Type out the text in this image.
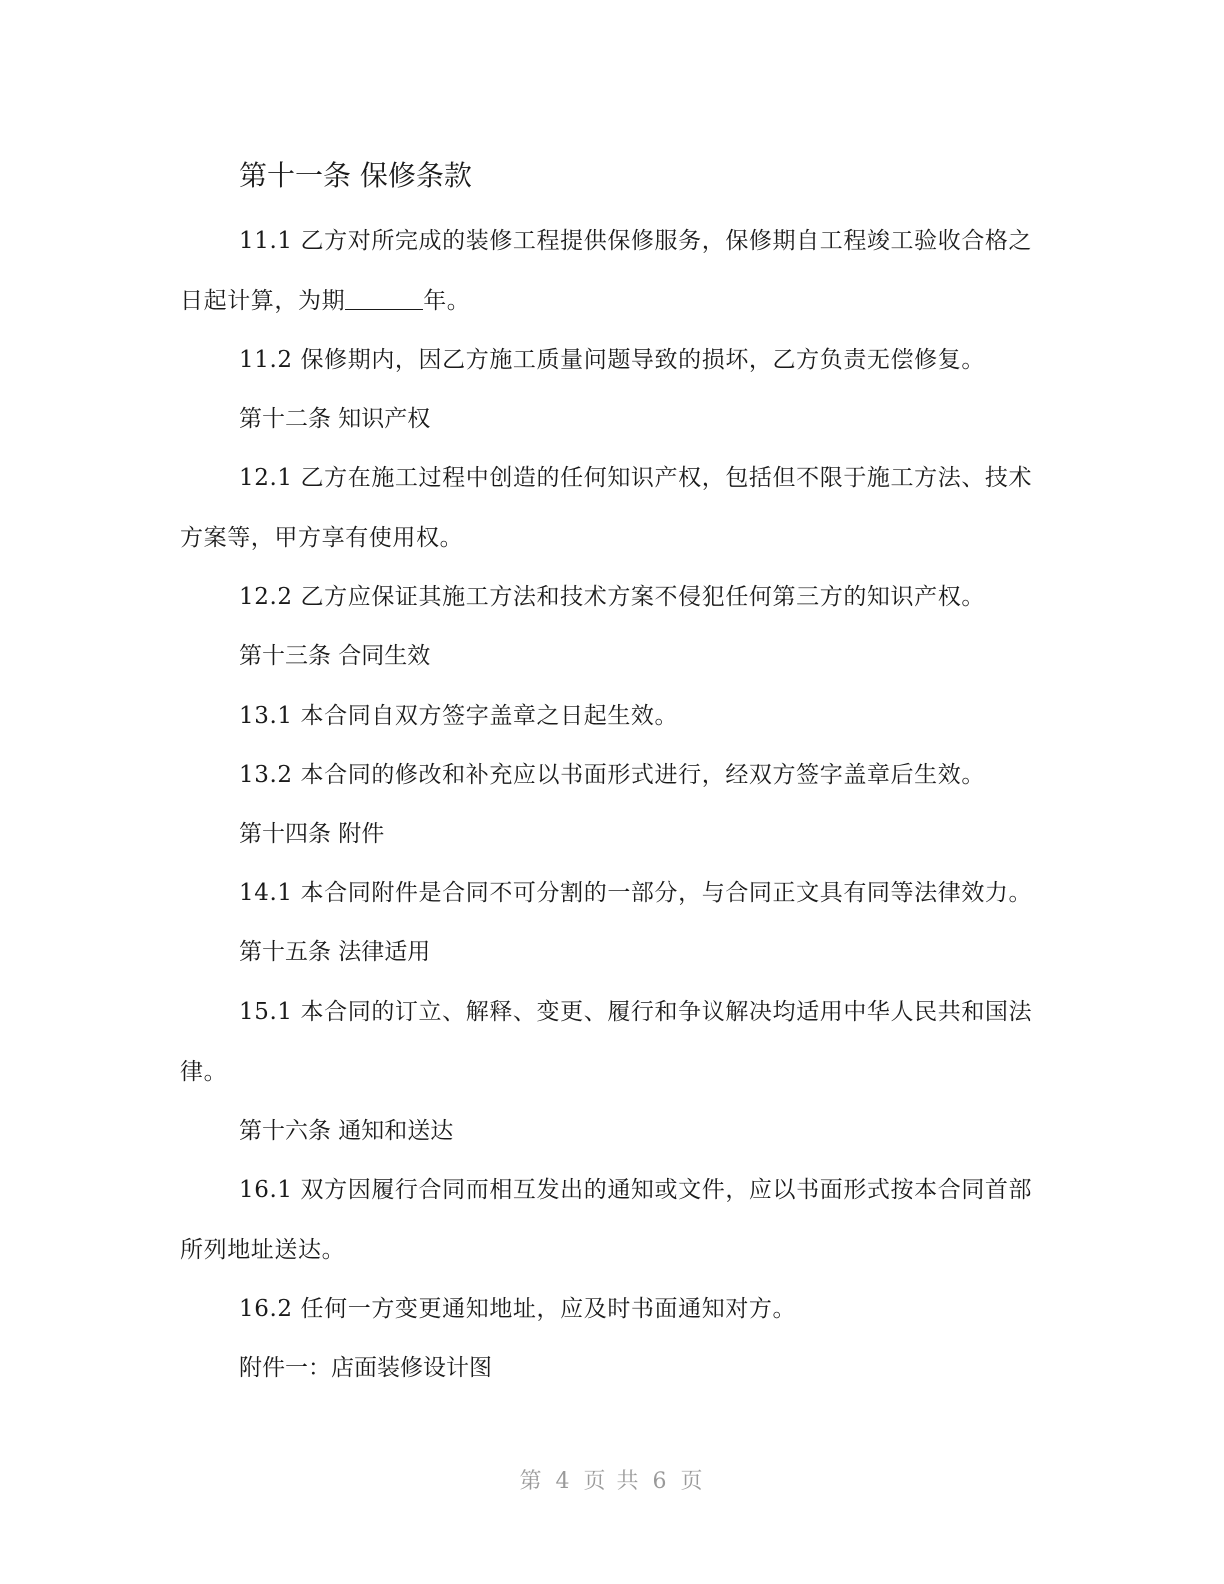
第十一条 保修条款
11.1 乙方对所完成的装修工程提供保修服务，保修期自工程竣工验收合格之日起计算，为期	年。
11.2 保修期内，因乙方施工质量问题导致的损坏，乙方负责无偿修复。
第十二条 知识产权
12.1 乙方在施工过程中创造的任何知识产权，包括但不限于施工方法、技术方案等，甲方享有使用权。
12.2 乙方应保证其施工方法和技术方案不侵犯任何第三方的知识产权。
第十三条 合同生效
13.1 本合同自双方签字盖章之日起生效。
13.2 本合同的修改和补充应以书面形式进行，经双方签字盖章后生效。
第十四条 附件
14.1 本合同附件是合同不可分割的一部分，与合同正文具有同等法律效力。
第十五条 法律适用
15.1 本合同的订立、解释、变更、履行和争议解决均适用中华人民共和国法律。
第十六条 通知和送达
16.1 双方因履行合同而相互发出的通知或文件，应以书面形式按本合同首部所列地址送达。
16.2 任何一方变更通知地址，应及时书面通知对方。
附件一：店面装修设计图
第 4 页 共 6 页
